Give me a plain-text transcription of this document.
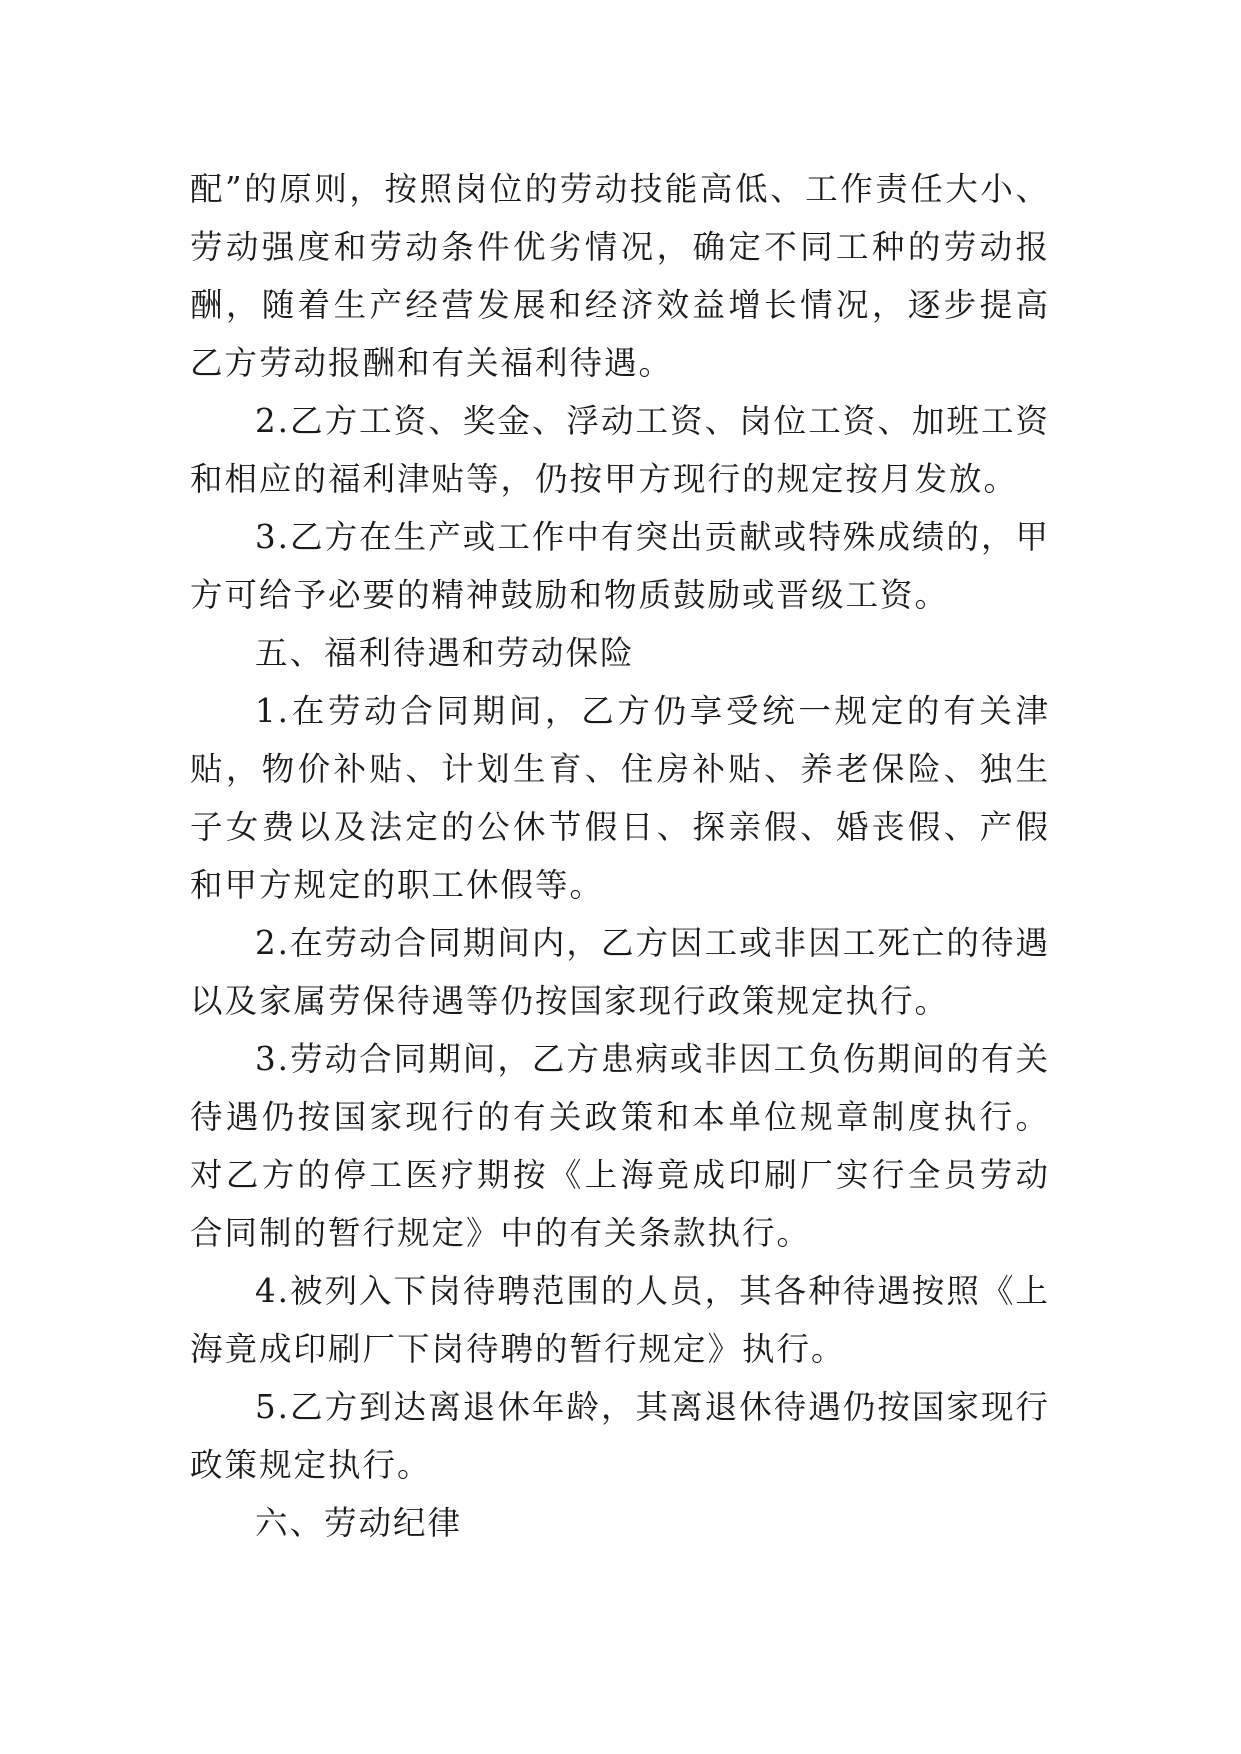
配”的原则，按照岗位的劳动技能高低、工作责任大小、劳动强度和劳动条件优劣情况，确定不同工种的劳动报酬，随着生产经营发展和经济效益增长情况，逐步提高乙方劳动报酬和有关福利待遇。

2.乙方工资、奖金、浮动工资、岗位工资、加班工资和相应的福利津贴等，仍按甲方现行的规定按月发放。

3.乙方在生产或工作中有突出贡献或特殊成绩的，甲方可给予必要的精神鼓励和物质鼓励或晋级工资。

五、福利待遇和劳动保险

1.在劳动合同期间，乙方仍享受统一规定的有关津贴，物价补贴、计划生育、住房补贴、养老保险、独生子女费以及法定的公休节假日、探亲假、婚丧假、产假和甲方规定的职工休假等。

2.在劳动合同期间内，乙方因工或非因工死亡的待遇以及家属劳保待遇等仍按国家现行政策规定执行。

3.劳动合同期间，乙方患病或非因工负伤期间的有关待遇仍按国家现行的有关政策和本单位规章制度执行。对乙方的停工医疗期按《上海竟成印刷厂实行全员劳动合同制的暂行规定》中的有关条款执行。

4.被列入下岗待聘范围的人员，其各种待遇按照《上海竟成印刷厂下岗待聘的暂行规定》执行。

5.乙方到达离退休年龄，其离退休待遇仍按国家现行政策规定执行。

六、劳动纪律
